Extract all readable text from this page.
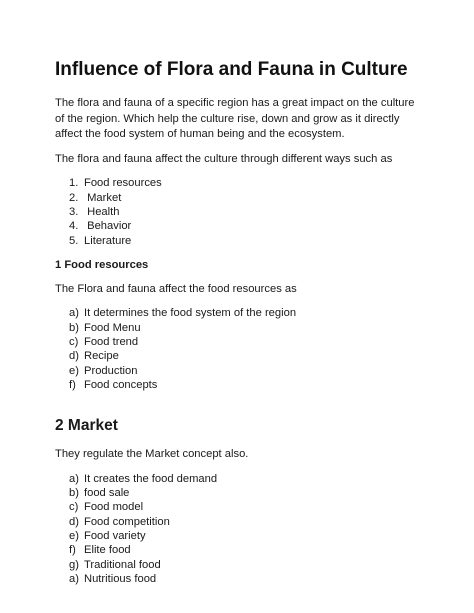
Influence of Flora and Fauna in Culture

The flora and fauna of a specific region has a great impact on the culture of the region. Which help the culture rise, down and grow as it directly affect the food system of human being and the ecosystem.

The flora and fauna affect the culture through different ways such as

1. Food resources
2. Market
3. Health
4. Behavior
5. Literature
1 Food resources

The Flora and fauna affect the food resources as

a) It determines the food system of the region
b) Food Menu
c) Food trend
d) Recipe
e) Production
f) Food concepts
2 Market

They regulate the Market concept also.

a) It creates the food demand
b) food sale
c) Food model
d) Food competition
e) Food variety
f) Elite food
g) Traditional food
a) Nutritious food
